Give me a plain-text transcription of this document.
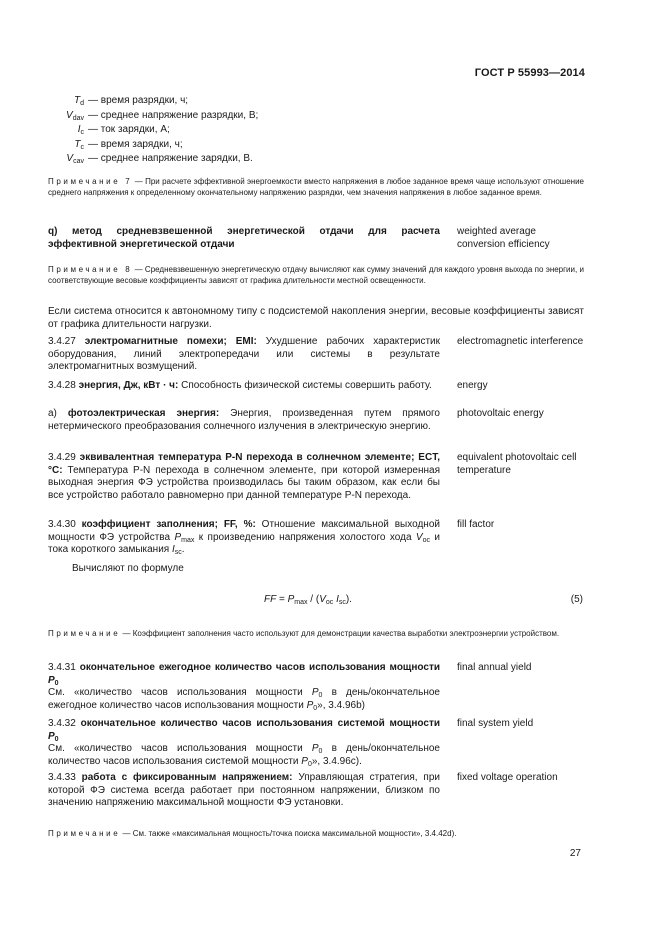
ГОСТ Р 55993—2014
$T_d$ — время разрядки, ч;
$V_{dav}$ — среднее напряжение разрядки, В;
$I_c$ — ток зарядки, А;
$T_c$ — время зарядки, ч;
$V_{cav}$ — среднее напряжение зарядки, В.
Примечание 7 — При расчете эффективной энергоемкости вместо напряжения в любое заданное время чаще используют отношение среднего напряжения к определенному окончательному напряжению разрядки, чем значения напряжения в любое заданное время.
q) метод средневзвешенной энергетической отдачи для расчета эффективной энергетической отдачи
weighted average conversion efficiency
Примечание 8 — Средневзвешенную энергетическую отдачу вычисляют как сумму значений для каждого уровня выхода по энергии, и соответствующие весовые коэффициенты зависят от графика длительности местной освещенности.
Если система относится к автономному типу с подсистемой накопления энергии, весовые коэффициенты зависят от графика длительности нагрузки.
3.4.27 электромагнитные помехи; EMI: Ухудшение рабочих характеристик оборудования, линий электропередачи или системы в результате электромагнитных возмущений.
electromagnetic interference
3.4.28 энергия, Дж, кВт · ч: Способность физической системы совершить работу.	energy
а) фотоэлектрическая энергия: Энергия, произведенная путем прямого нетермического преобразования солнечного излучения в электрическую энергию.
photovoltaic energy
3.4.29 эквивалентная температура Р-N перехода в солнечном элементе; ECT, °C: Температура Р-N перехода в солнечном элементе, при которой измеренная выходная энергия ФЭ устройства производилась бы таким образом, как если бы все устройство работало равномерно при данной температуре Р-N перехода.
equivalent photovoltaic cell temperature
3.4.30 коэффициент заполнения; FF, %: Отношение максимальной выходной мощности ФЭ устройства $P_{max}$ к произведению напряжения холостого хода $V_{oc}$ и тока короткого замыкания $I_{sc}$.
fill factor
Вычисляют по формуле
FF = $P_{max} / (V_{oc}$ $I_{sc}$).	(5)
Примечание — Коэффициент заполнения часто используют для демонстрации качества выработки электроэнергии устройством.
3.4.31 окончательное ежегодное количество часов использования мощности $P_0$
См. «количество часов использования мощности $P_0$ в день/окончательное ежегодное количество часов использования мощности $P_0$», 3.4.96b)
final annual yield
3.4.32 окончательное количество часов использования системой мощности $P_0$
См. «количество часов использования мощности $P_0$ в день/окончательное количество часов использования системой мощности $P_0$», 3.4.96c).
final system yield
3.4.33 работа с фиксированным напряжением: Управляющая стратегия, при которой ФЭ система всегда работает при постоянном напряжении, близком по значению напряжению максимальной мощности ФЭ установки.
fixed voltage operation
Примечание — См. также «максимальная мощность/точка поиска максимальной мощности», 3.4.42d).
27
